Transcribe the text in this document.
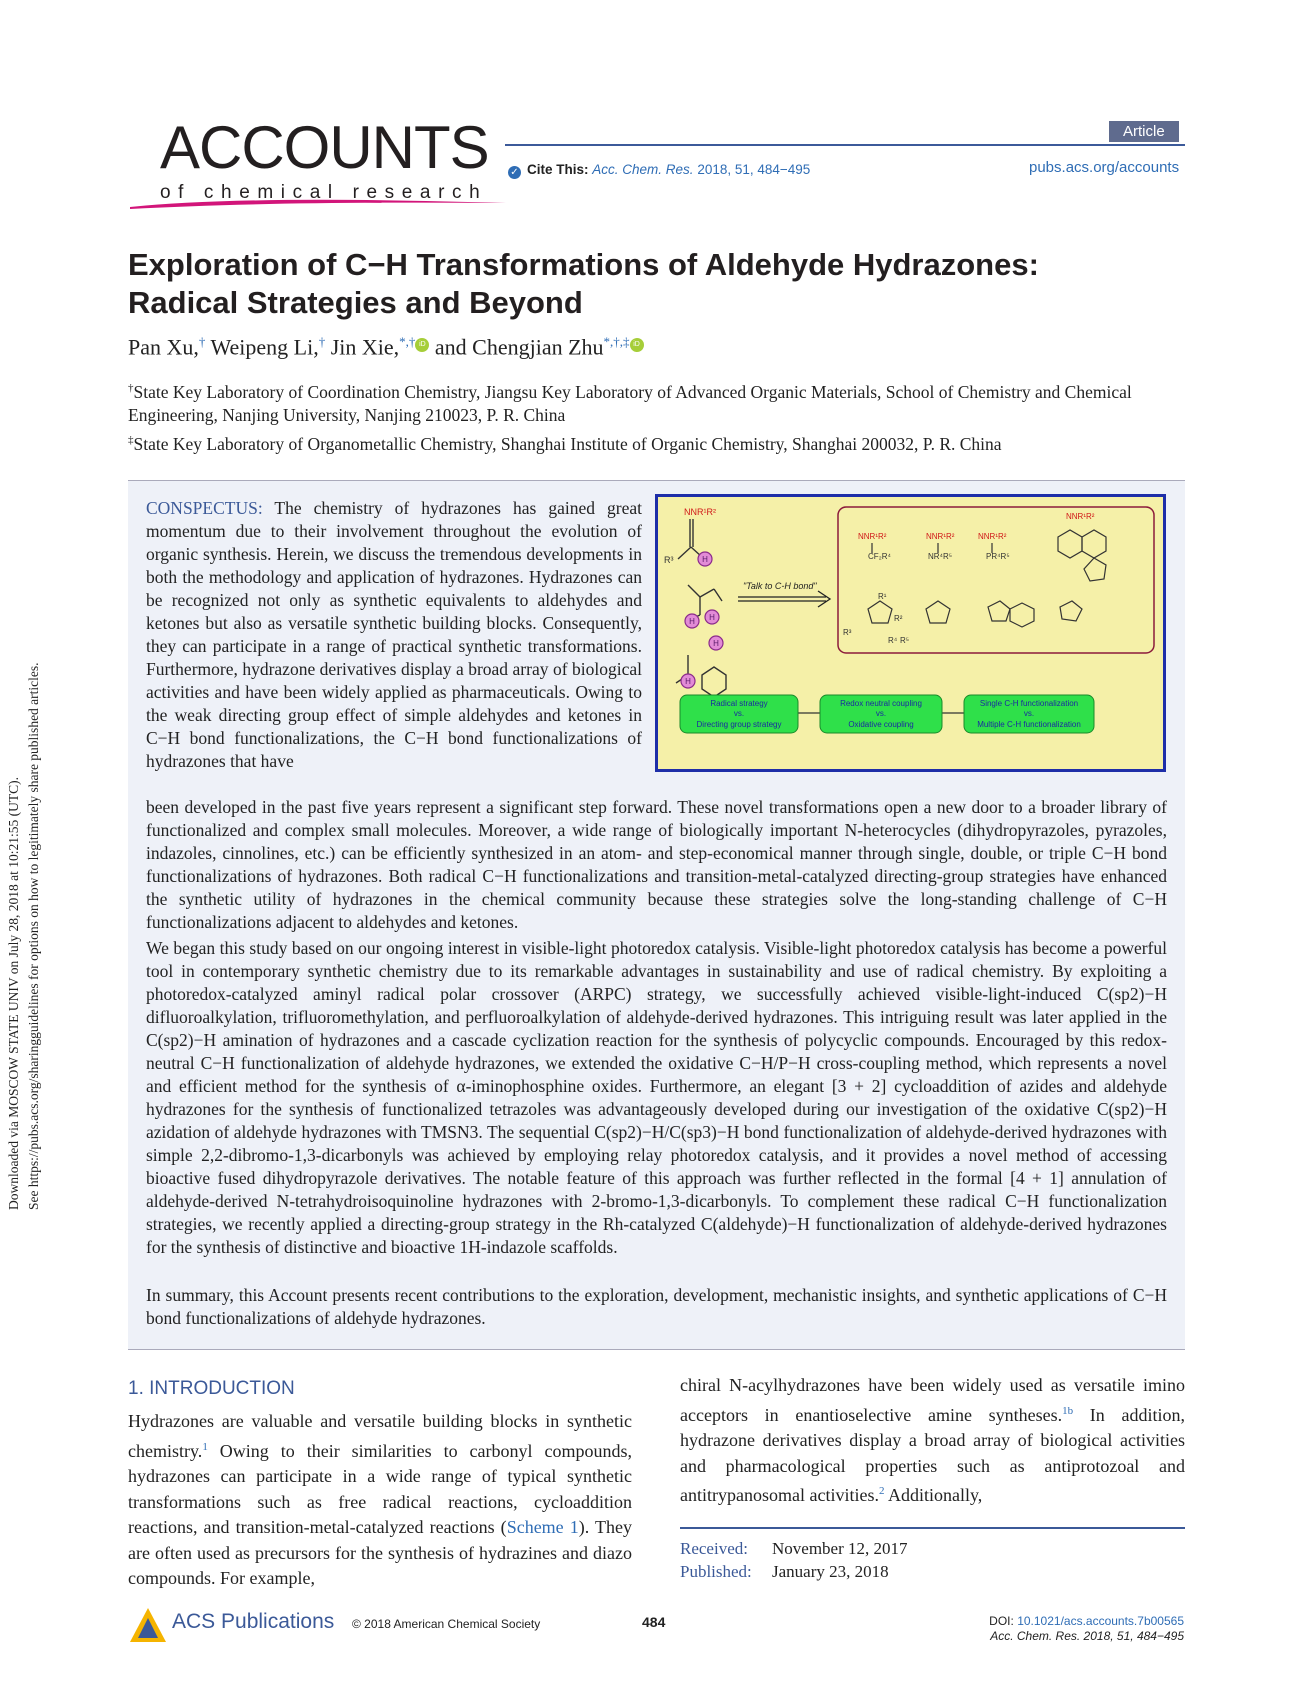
Downloaded via MOSCOW STATE UNIV on July 28, 2018 at 10:21:55 (UTC). See https://pubs.acs.org/sharingguidelines for options on how to legitimately share published articles.
ACCOUNTS
of chemical research
Article
✓ Cite This: Acc. Chem. Res. 2018, 51, 484−495	pubs.acs.org/accounts
Exploration of C−H Transformations of Aldehyde Hydrazones:
Radical Strategies and Beyond
Pan Xu,† Weipeng Li,† Jin Xie,*,† iD and Chengjian Zhu*,†,‡ iD
†State Key Laboratory of Coordination Chemistry, Jiangsu Key Laboratory of Advanced Organic Materials, School of Chemistry and Chemical Engineering, Nanjing University, Nanjing 210023, P. R. China
‡State Key Laboratory of Organometallic Chemistry, Shanghai Institute of Organic Chemistry, Shanghai 200032, P. R. China
CONSPECTUS: The chemistry of hydrazones has gained great momentum due to their involvement throughout the evolution of organic synthesis. Herein, we discuss the tremendous developments in both the methodology and application of hydrazones. Hydrazones can be recognized not only as synthetic equivalents to aldehydes and ketones but also as versatile synthetic building blocks. Consequently, they can participate in a range of practical synthetic transformations. Furthermore, hydrazone derivatives display a broad array of biological activities and have been widely applied as pharmaceuticals. Owing to the weak directing group effect of simple aldehydes and ketones in C−H bond functionalizations, the C−H bond functionalizations of hydrazones that have
NNR¹R²
R³	H
H H
H
H
"Talk to C-H bond"
NNR¹R²	NNR¹R²	NNR¹R²
NNR¹R²
CF₂R⁴	NR⁴R⁵	PR⁴R⁵
R¹
R²
R³
R⁴ R⁵
Radical strategy
vs.
Directing group strategy
Redox neutral coupling
vs.
Oxidative coupling
Single C-H functionalization
vs.
Multiple C-H functionalization
been developed in the past five years represent a significant step forward. These novel transformations open a new door to a broader library of functionalized and complex small molecules. Moreover, a wide range of biologically important N-heterocycles (dihydropyrazoles, pyrazoles, indazoles, cinnolines, etc.) can be efficiently synthesized in an atom- and step-economical manner through single, double, or triple C−H bond functionalizations of hydrazones. Both radical C−H functionalizations and transition-metal-catalyzed directing-group strategies have enhanced the synthetic utility of hydrazones in the chemical community because these strategies solve the long-standing challenge of C−H functionalizations adjacent to aldehydes and ketones.
We began this study based on our ongoing interest in visible-light photoredox catalysis. Visible-light photoredox catalysis has become a powerful tool in contemporary synthetic chemistry due to its remarkable advantages in sustainability and use of radical chemistry. By exploiting a photoredox-catalyzed aminyl radical polar crossover (ARPC) strategy, we successfully achieved visible-light-induced C(sp2)−H difluoroalkylation, trifluoromethylation, and perfluoroalkylation of aldehyde-derived hydrazones. This intriguing result was later applied in the C(sp2)−H amination of hydrazones and a cascade cyclization reaction for the synthesis of polycyclic compounds. Encouraged by this redox-neutral C−H functionalization of aldehyde hydrazones, we extended the oxidative C−H/P−H cross-coupling method, which represents a novel and efficient method for the synthesis of α-iminophosphine oxides. Furthermore, an elegant [3 + 2] cycloaddition of azides and aldehyde hydrazones for the synthesis of functionalized tetrazoles was advantageously developed during our investigation of the oxidative C(sp2)−H azidation of aldehyde hydrazones with TMSN3. The sequential C(sp2)−H/C(sp3)−H bond functionalization of aldehyde-derived hydrazones with simple 2,2-dibromo-1,3-dicarbonyls was achieved by employing relay photoredox catalysis, and it provides a novel method of accessing bioactive fused dihydropyrazole derivatives. The notable feature of this approach was further reflected in the formal [4 + 1] annulation of aldehyde-derived N-tetrahydroisoquinoline hydrazones with 2-bromo-1,3-dicarbonyls. To complement these radical C−H functionalization strategies, we recently applied a directing-group strategy in the Rh-catalyzed C(aldehyde)−H functionalization of aldehyde-derived hydrazones for the synthesis of distinctive and bioactive 1H-indazole scaffolds.
In summary, this Account presents recent contributions to the exploration, development, mechanistic insights, and synthetic applications of C−H bond functionalizations of aldehyde hydrazones.
1. INTRODUCTION
Hydrazones are valuable and versatile building blocks in synthetic chemistry.$^1$ Owing to their similarities to carbonyl compounds, hydrazones can participate in a wide range of typical synthetic transformations such as free radical reactions, cycloaddition reactions, and transition-metal-catalyzed reactions (Scheme 1). They are often used as precursors for the synthesis of hydrazines and diazo compounds. For example,
chiral N-acylhydrazones have been widely used as versatile imino acceptors in enantioselective amine syntheses.$^{1b}$ In addition, hydrazone derivatives display a broad array of biological activities and pharmacological properties such as antiprotozoal and antitrypanosomal activities.$^2$ Additionally,
Received: November 12, 2017
Published: January 23, 2018
ACS Publications © 2018 American Chemical Society	484	DOI: 10.1021/acs.accounts.7b00565
Acc. Chem. Res. 2018, 51, 484−495
